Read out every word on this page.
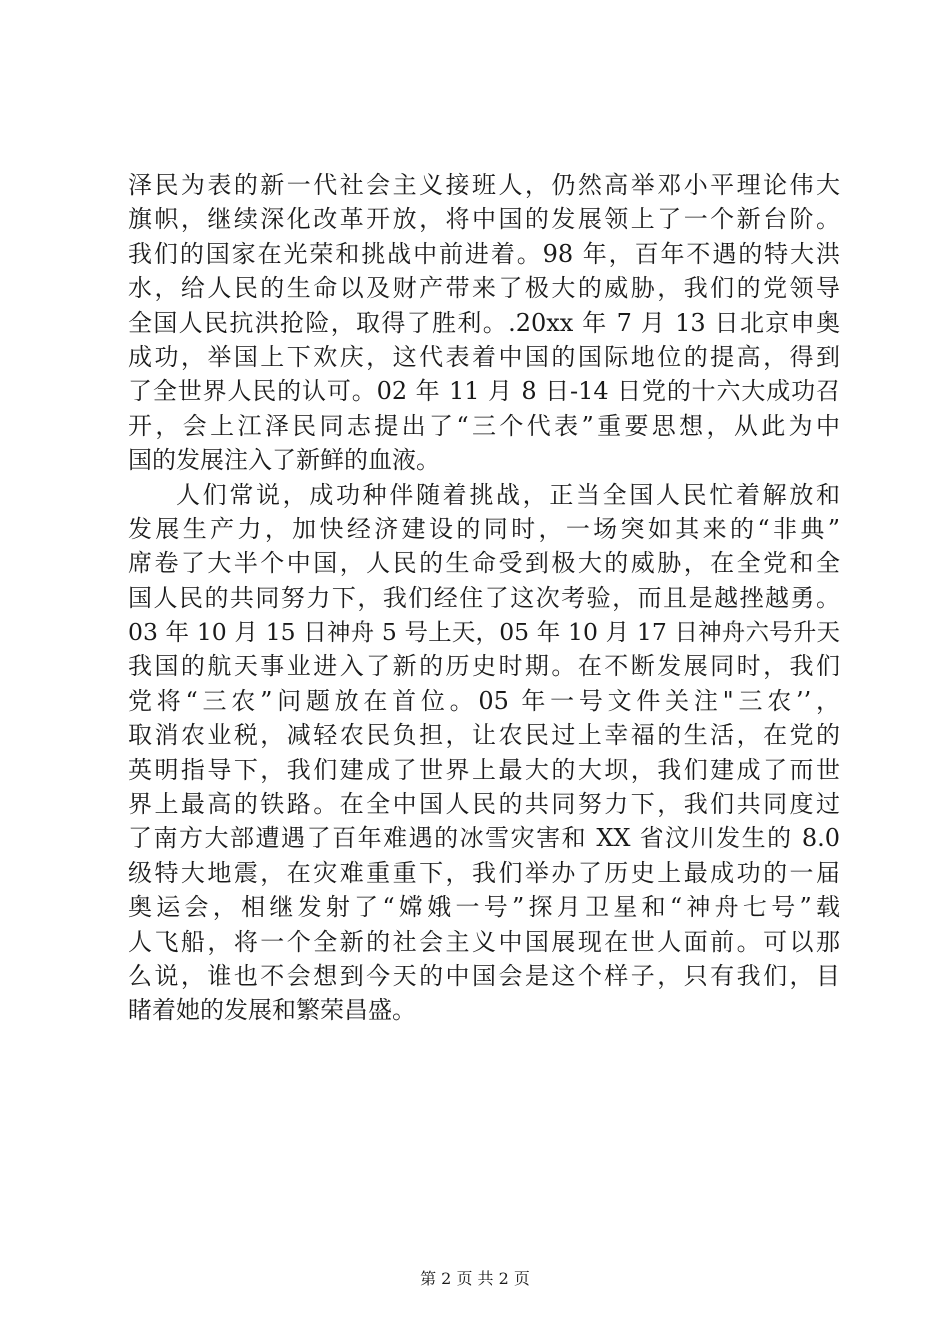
泽民为表的新一代社会主义接班人，仍然高举邓小平理论伟大
旗帜，继续深化改革开放，将中国的发展领上了一个新台阶。
我们的国家在光荣和挑战中前进着。98 年，百年不遇的特大洪
水，给人民的生命以及财产带来了极大的威胁，我们的党领导
全国人民抗洪抢险，取得了胜利。.20xx 年 7 月 13 日北京申奥
成功，举国上下欢庆，这代表着中国的国际地位的提高，得到
了全世界人民的认可。02 年 11 月 8 日-14 日党的十六大成功召
开，会上江泽民同志提出了“三个代表”重要思想，从此为中
国的发展注入了新鲜的血液。
人们常说，成功种伴随着挑战，正当全国人民忙着解放和
发展生产力，加快经济建设的同时，一场突如其来的“非典”
席卷了大半个中国，人民的生命受到极大的威胁，在全党和全
国人民的共同努力下，我们经住了这次考验，而且是越挫越勇。
03 年 10 月 15 日神舟 5 号上天，05 年 10 月 17 日神舟六号升天
我国的航天事业进入了新的历史时期。在不断发展同时，我们
党将“三农”问题放在首位。05 年一号文件关注"三农’’，
取消农业税，减轻农民负担，让农民过上幸福的生活，在党的
英明指导下，我们建成了世界上最大的大坝，我们建成了而世
界上最高的铁路。在全中国人民的共同努力下，我们共同度过
了南方大部遭遇了百年难遇的冰雪灾害和 XX 省汶川发生的 8.0
级特大地震，在灾难重重下，我们举办了历史上最成功的一届
奥运会，相继发射了“嫦娥一号”探月卫星和“神舟七号”载
人飞船，将一个全新的社会主义中国展现在世人面前。可以那
么说，谁也不会想到今天的中国会是这个样子，只有我们，目
睹着她的发展和繁荣昌盛。
第 2 页 共 2 页
